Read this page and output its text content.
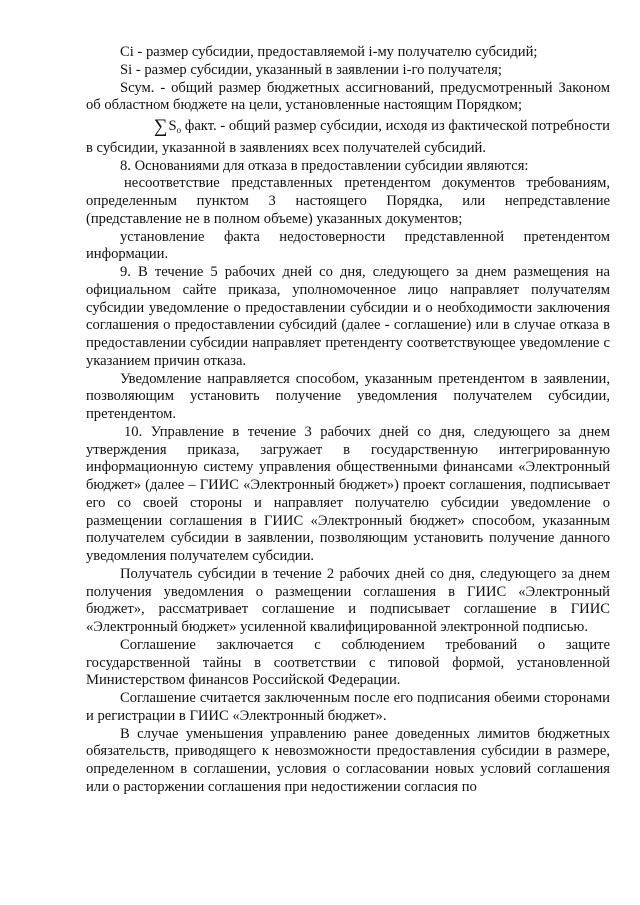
Ci - размер субсидии, предоставляемой i-му получателю субсидий;

Si - размер субсидии, указанный в заявлении i-го получателя;

Sсум. - общий размер бюджетных ассигнований, предусмотренный Законом об областном бюджете на цели, установленные настоящим Порядком;

$\sum S_o$ факт. - общий размер субсидии, исходя из фактической потребности в субсидии, указанной в заявлениях всех получателей субсидий.

8. Основаниями для отказа в предоставлении субсидии являются:

несоответствие представленных претендентом документов требованиям, определенным пунктом 3 настоящего Порядка, или непредставление (представление не в полном объеме) указанных документов;

установление факта недостоверности представленной претендентом информации.

9. В течение 5 рабочих дней со дня, следующего за днем размещения на официальном сайте приказа, уполномоченное лицо направляет получателям субсидии уведомление о предоставлении субсидии и о необходимости заключения соглашения о предоставлении субсидий (далее - соглашение) или в случае отказа в предоставлении субсидии направляет претенденту соответствующее уведомление с указанием причин отказа.

Уведомление направляется способом, указанным претендентом в заявлении, позволяющим установить получение уведомления получателем субсидии, претендентом.

10. Управление в течение 3 рабочих дней со дня, следующего за днем утверждения приказа, загружает в государственную интегрированную информационную систему управления общественными финансами «Электронный бюджет» (далее – ГИИС «Электронный бюджет») проект соглашения, подписывает его со своей стороны и направляет получателю субсидии уведомление о размещении соглашения в ГИИС «Электронный бюджет» способом, указанным получателем субсидии в заявлении, позволяющим установить получение данного уведомления получателем субсидии.

Получатель субсидии в течение 2 рабочих дней со дня, следующего за днем получения уведомления о размещении соглашения в ГИИС «Электронный бюджет», рассматривает соглашение и подписывает соглашение в ГИИС «Электронный бюджет» усиленной квалифицированной электронной подписью.

Соглашение заключается с соблюдением требований о защите государственной тайны в соответствии с типовой формой, установленной Министерством финансов Российской Федерации.

Соглашение считается заключенным после его подписания обеими сторонами и регистрации в ГИИС «Электронный бюджет».

В случае уменьшения управлению ранее доведенных лимитов бюджетных обязательств, приводящего к невозможности предоставления субсидии в размере, определенном в соглашении, условия о согласовании новых условий соглашения или о расторжении соглашения при недостижении согласия по
